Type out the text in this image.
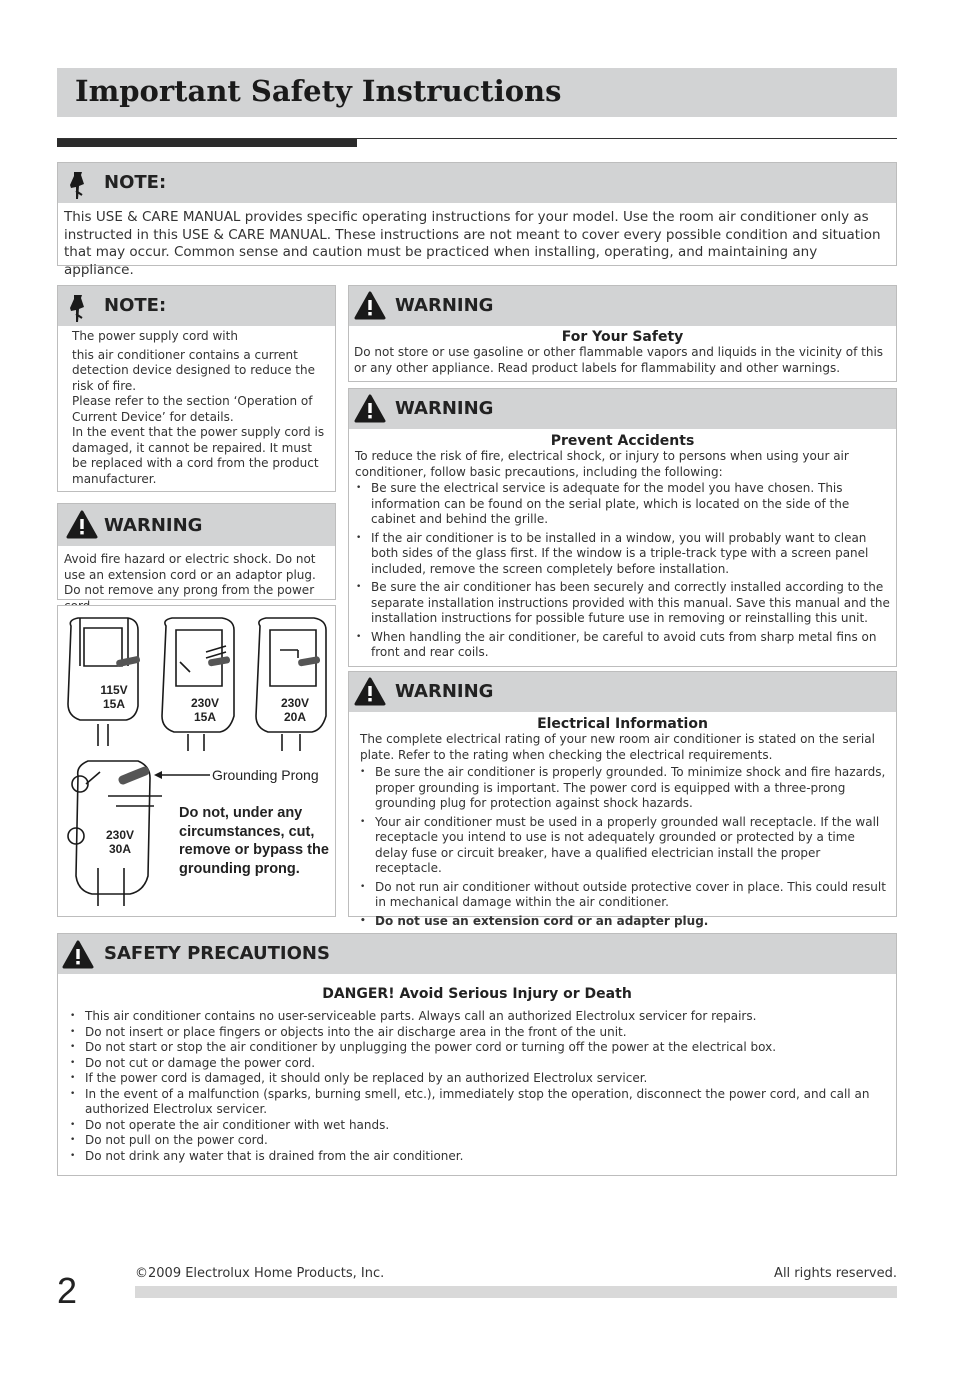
Important Safety Instructions
NOTE:
This USE & CARE MANUAL provides specific operating instructions for your model. Use the room air conditioner only as instructed in this USE & CARE MANUAL. These instructions are not meant to cover every possible condition and situation that may occur. Common sense and caution must be practiced when installing, operating, and maintaining any appliance.
NOTE:
The power supply cord with
this air conditioner contains a current detection device designed to reduce the risk of fire.
Please refer to the section ‘Operation of Current Device’ for details.
In the event that the power supply cord is damaged, it cannot be repaired. It must be replaced with a cord from the product manufacturer.
WARNING
Avoid fire hazard or electric shock. Do not use an extension cord or an adaptor plug. Do not remove any prong from the power
115V 15A	230V 15A
230V 20A
230V 30A
Grounding Prong
Do not, under any circumstances, cut, remove or bypass the grounding prong.
WARNING
For Your Safety
Do not store or use gasoline or other flammable vapors and liquids in the vicinity of this or any other appliance. Read product labels for flammability and other warnings.
WARNING
Prevent Accidents
To reduce the risk of fire, electrical shock, or injury to persons when using your air conditioner, follow basic precautions, including the following:
• Be sure the electrical service is adequate for the model you have chosen. This information can be found on the serial plate, which is located on the side of the cabinet and behind the grille.
• If the air conditioner is to be installed in a window, you will probably want to clean both sides of the glass first. If the window is a triple-track type with a screen panel included, remove the screen completely before installation.
• Be sure the air conditioner has been securely and correctly installed according to the separate installation instructions provided with this manual. Save this manual and the installation instructions for possible future use in removing or reinstalling this unit.
• When handling the air conditioner, be careful to avoid cuts from sharp metal fins on front and rear coils.
WARNING
Electrical Information
The complete electrical rating of your new room air conditioner is stated on the serial plate. Refer to the rating when checking the electrical requirements.
• Be sure the air conditioner is properly grounded. To minimize shock and fire hazards, proper grounding is important. The power cord is equipped with a three-prong grounding plug for protection against shock hazards.
• Your air conditioner must be used in a properly grounded wall receptacle. If the wall receptacle you intend to use is not adequately grounded or protected by a time delay fuse or circuit breaker, have a qualified electrician install the proper receptacle.
• Do not run air conditioner without outside protective cover in place. This could result in mechanical damage within the air conditioner.
• Do not use an extension cord or an adapter plug.
SAFETY PRECAUTIONS
DANGER! Avoid Serious Injury or Death
• This air conditioner contains no user-serviceable parts. Always call an authorized Electrolux servicer for repairs.
• Do not insert or place fingers or objects into the air discharge area in the front of the unit.
• Do not start or stop the air conditioner by unplugging the power cord or turning off the power at the electrical box.
• Do not cut or damage the power cord.
• If the power cord is damaged, it should only be replaced by an authorized Electrolux servicer.
• In the event of a malfunction (sparks, burning smell, etc.), immediately stop the operation, disconnect the power cord, and call an authorized Electrolux servicer.
• Do not operate the air conditioner with wet hands.
• Do not pull on the power cord.
• Do not drink any water that is drained from the air conditioner.
2	©2009 Electrolux Home Products, Inc.	All rights reserved.
